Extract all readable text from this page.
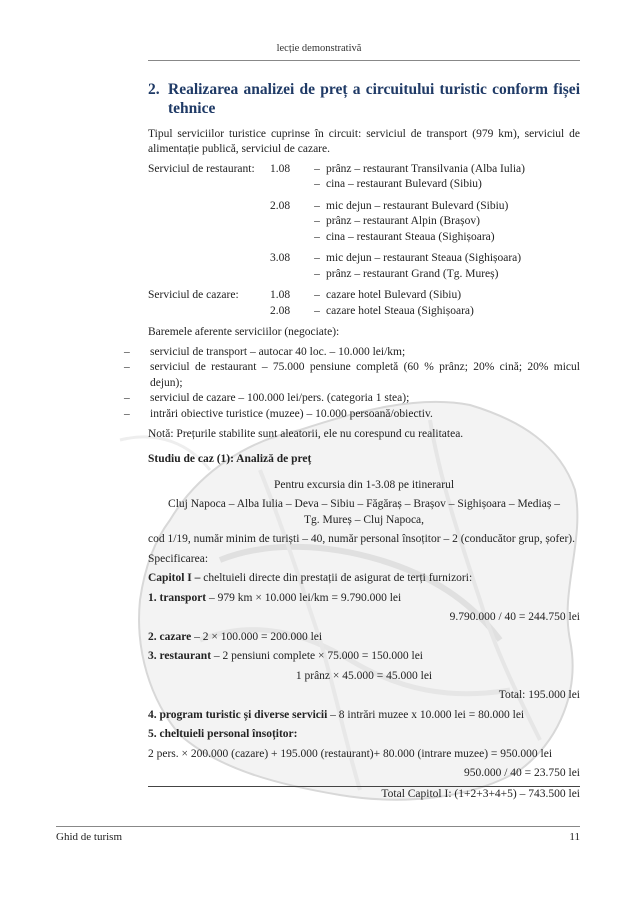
lecție demonstrativă
2. Realizarea analizei de preț a circuitului turistic conform fișei tehnice

Tipul serviciilor turistice cuprinse în circuit: serviciul de transport (979 km), serviciul de alimentație publică, serviciul de cazare.

Serviciul de restaurant:	1.08	– prânz – restaurant Transilvania (Alba Iulia)
– cina – restaurant Bulevard (Sibiu)
2.08	– mic dejun – restaurant Bulevard (Sibiu)
– prânz – restaurant Alpin (Brașov)
– cina – restaurant Steaua (Sighișoara)
3.08	– mic dejun – restaurant Steaua (Sighișoara)
– prânz – restaurant Grand (Tg. Mureș)
Serviciul de cazare:	1.08	– cazare hotel Bulevard (Sibiu)
2.08	– cazare hotel Steaua (Sighișoara)

Baremele aferente serviciilor (negociate):

– serviciul de transport – autocar 40 loc. – 10.000 lei/km;
– serviciul de restaurant – 75.000 pensiune completă (60 % prânz; 20% cină; 20% micul dejun);
– serviciul de cazare – 100.000 lei/pers. (categoria 1 stea);
– intrări obiective turistice (muzee) – 10.000 persoană/obiectiv.

Notă: Prețurile stabilite sunt aleatorii, ele nu corespund cu realitatea.

Studiu de caz (1): Analiză de preț

Pentru excursia din 1-3.08 pe itinerarul

Cluj Napoca – Alba Iulia – Deva – Sibiu – Făgăraș – Brașov – Sighișoara – Mediaș –

Tg. Mureș – Cluj Napoca,

cod 1/19, număr minim de turiști – 40, număr personal însoțitor – 2 (conducător grup, șofer).

Specificarea:

Capitol I – cheltuieli directe din prestații de asigurat de terți furnizori:

1. transport – 979 km × 10.000 lei/km = 9.790.000 lei

9.790.000 / 40 = 244.750 lei

2. cazare – 2 × 100.000 = 200.000 lei

3. restaurant – 2 pensiuni complete × 75.000 = 150.000 lei

1 prânz × 45.000 = 45.000 lei

Total: 195.000 lei

4. program turistic și diverse servicii – 8 intrări muzee x 10.000 lei = 80.000 lei

5. cheltuieli personal însoțitor:

2 pers. × 200.000 (cazare) + 195.000 (restaurant)+ 80.000 (intrare muzee) = 950.000 lei

950.000 / 40 = 23.750 lei

Total Capitol I: (1+2+3+4+5) – 743.500 lei

Ghid de turism	11
